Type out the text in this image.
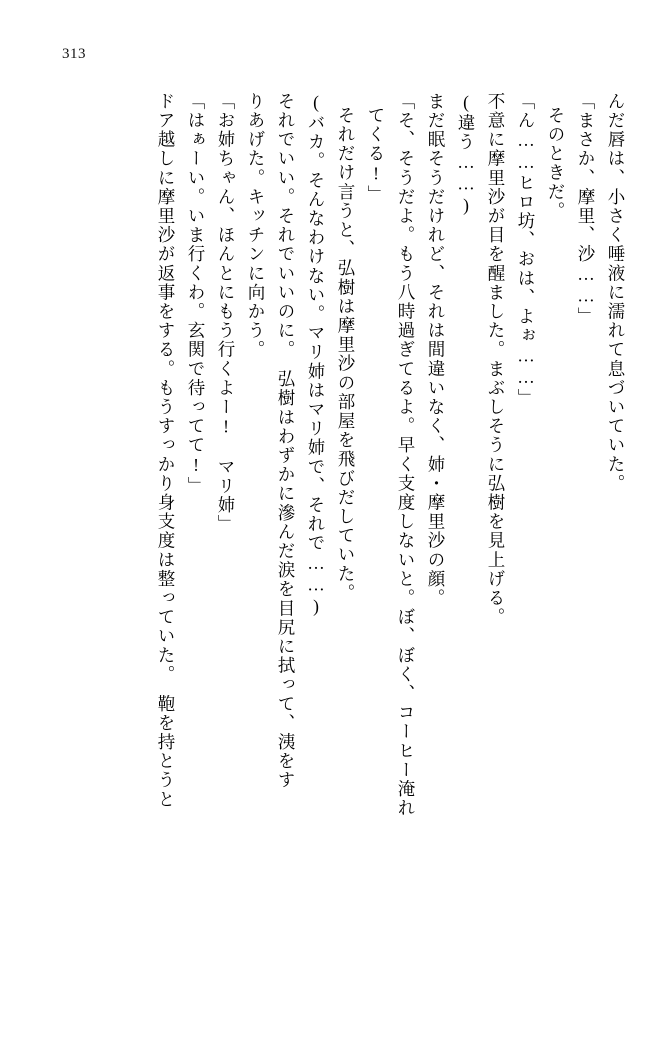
313
んだ唇は、小さく唾液に濡れて息づいていた。
「まさか、摩里、沙……」
そのときだ。
「ん……ヒロ坊、おは、よぉ……」
不意に摩里沙が目を醒ました。まぶしそうに弘樹を見上げる。
(違う……)
まだ眠そうだけれど、それは間違いなく、姉・摩里沙の顔。
「そ、そうだよ。もう八時過ぎてるよ。早く支度しないと。ぼ、ぼく、コーヒー淹れ
てくる!」
それだけ言うと、弘樹は摩里沙の部屋を飛びだしていた。
(バカ。そんなわけない。マリ姉はマリ姉で、それで……)
それでいい。それでいいのに。　弘樹はわずかに滲んだ涙を目尻に拭って、洟をす
りあげた。キッチンに向かう。
「お姉ちゃん、ほんとにもう行くよー!　マリ姉」
「はぁーい。いま行くわ。玄関で待ってて!」
ドア越しに摩里沙が返事をする。もうすっかり身支度は整っていた。　鞄を持とうと
